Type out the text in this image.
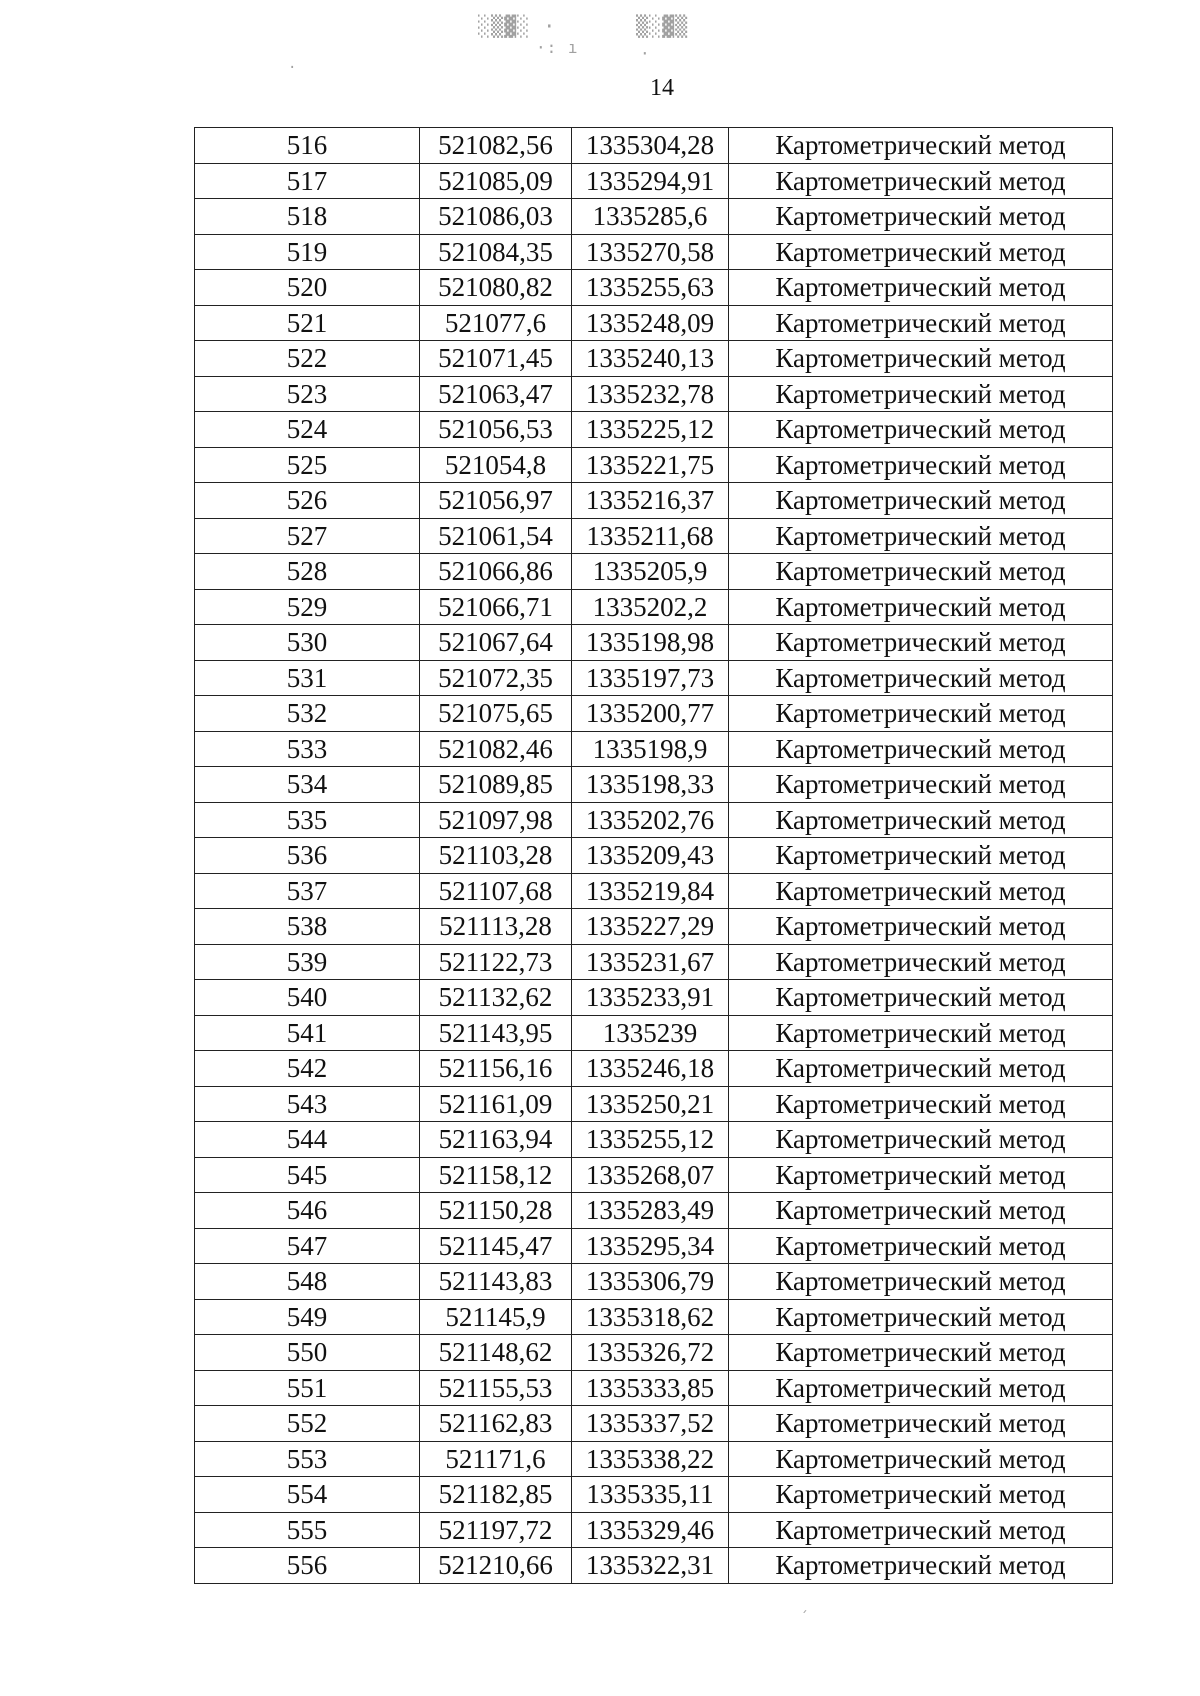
░▒▓░ ·	▒░▓▒
·: ı	·
·
´
14
516	521082,56	1335304,28	Картометрический метод
517	521085,09	1335294,91	Картометрический метод
518	521086,03	1335285,6	Картометрический метод
519	521084,35	1335270,58	Картометрический метод
520	521080,82	1335255,63	Картометрический метод
521	521077,6	1335248,09	Картометрический метод
522	521071,45	1335240,13	Картометрический метод
523	521063,47	1335232,78	Картометрический метод
524	521056,53	1335225,12	Картометрический метод
525	521054,8	1335221,75	Картометрический метод
526	521056,97	1335216,37	Картометрический метод
527	521061,54	1335211,68	Картометрический метод
528	521066,86	1335205,9	Картометрический метод
529	521066,71	1335202,2	Картометрический метод
530	521067,64	1335198,98	Картометрический метод
531	521072,35	1335197,73	Картометрический метод
532	521075,65	1335200,77	Картометрический метод
533	521082,46	1335198,9	Картометрический метод
534	521089,85	1335198,33	Картометрический метод
535	521097,98	1335202,76	Картометрический метод
536	521103,28	1335209,43	Картометрический метод
537	521107,68	1335219,84	Картометрический метод
538	521113,28	1335227,29	Картометрический метод
539	521122,73	1335231,67	Картометрический метод
540	521132,62	1335233,91	Картометрический метод
541	521143,95	1335239	Картометрический метод
542	521156,16	1335246,18	Картометрический метод
543	521161,09	1335250,21	Картометрический метод
544	521163,94	1335255,12	Картометрический метод
545	521158,12	1335268,07	Картометрический метод
546	521150,28	1335283,49	Картометрический метод
547	521145,47	1335295,34	Картометрический метод
548	521143,83	1335306,79	Картометрический метод
549	521145,9	1335318,62	Картометрический метод
550	521148,62	1335326,72	Картометрический метод
551	521155,53	1335333,85	Картометрический метод
552	521162,83	1335337,52	Картометрический метод
553	521171,6	1335338,22	Картометрический метод
554	521182,85	1335335,11	Картометрический метод
555	521197,72	1335329,46	Картометрический метод
556	521210,66	1335322,31	Картометрический метод
